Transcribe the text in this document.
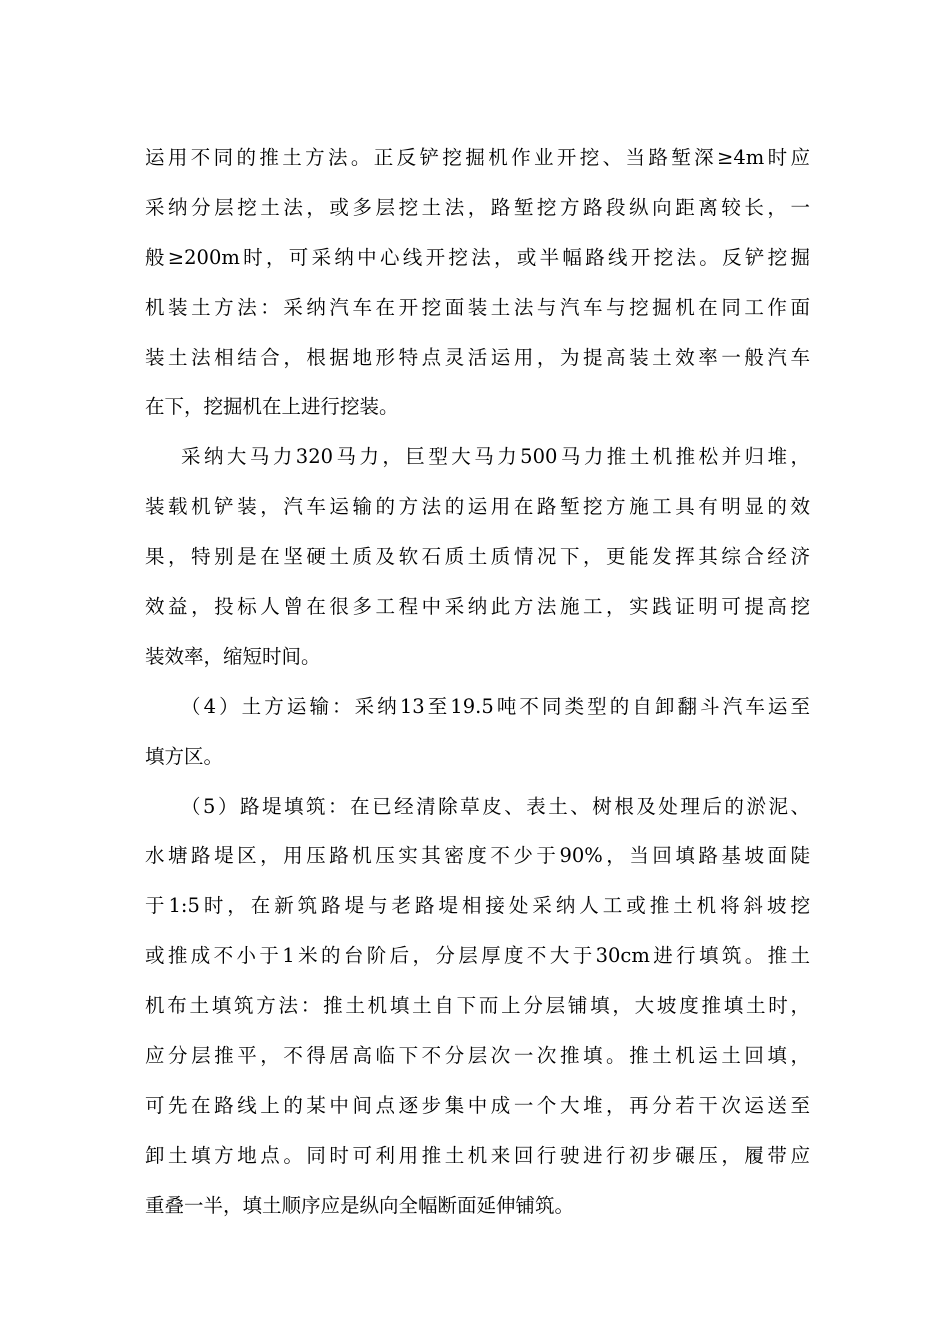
运用不同的推土方法。正反铲挖掘机作业开挖、当路堑深≥4m时应
采纳分层挖土法，或多层挖土法，路堑挖方路段纵向距离较长，一
般≥200m时，可采纳中心线开挖法，或半幅路线开挖法。反铲挖掘
机装土方法：采纳汽车在开挖面装土法与汽车与挖掘机在同工作面
装土法相结合，根据地形特点灵活运用，为提高装土效率一般汽车
在下，挖掘机在上进行挖装。
采纳大马力320马力，巨型大马力500马力推土机推松并归堆，
装载机铲装，汽车运输的方法的运用在路堑挖方施工具有明显的效
果，特别是在坚硬土质及软石质土质情况下，更能发挥其综合经济
效益，投标人曾在很多工程中采纳此方法施工，实践证明可提高挖
装效率，缩短时间。
（4）土方运输：采纳13至19.5吨不同类型的自卸翻斗汽车运至
填方区。
（5）路堤填筑：在已经清除草皮、表土、树根及处理后的淤泥、
水塘路堤区，用压路机压实其密度不少于90%，当回填路基坡面陡
于1:5时，在新筑路堤与老路堤相接处采纳人工或推土机将斜坡挖
或推成不小于1米的台阶后，分层厚度不大于30cm进行填筑。推土
机布土填筑方法：推土机填土自下而上分层铺填，大坡度推填土时，
应分层推平，不得居高临下不分层次一次推填。推土机运土回填，
可先在路线上的某中间点逐步集中成一个大堆，再分若干次运送至
卸土填方地点。同时可利用推土机来回行驶进行初步碾压，履带应
重叠一半，填土顺序应是纵向全幅断面延伸铺筑。
